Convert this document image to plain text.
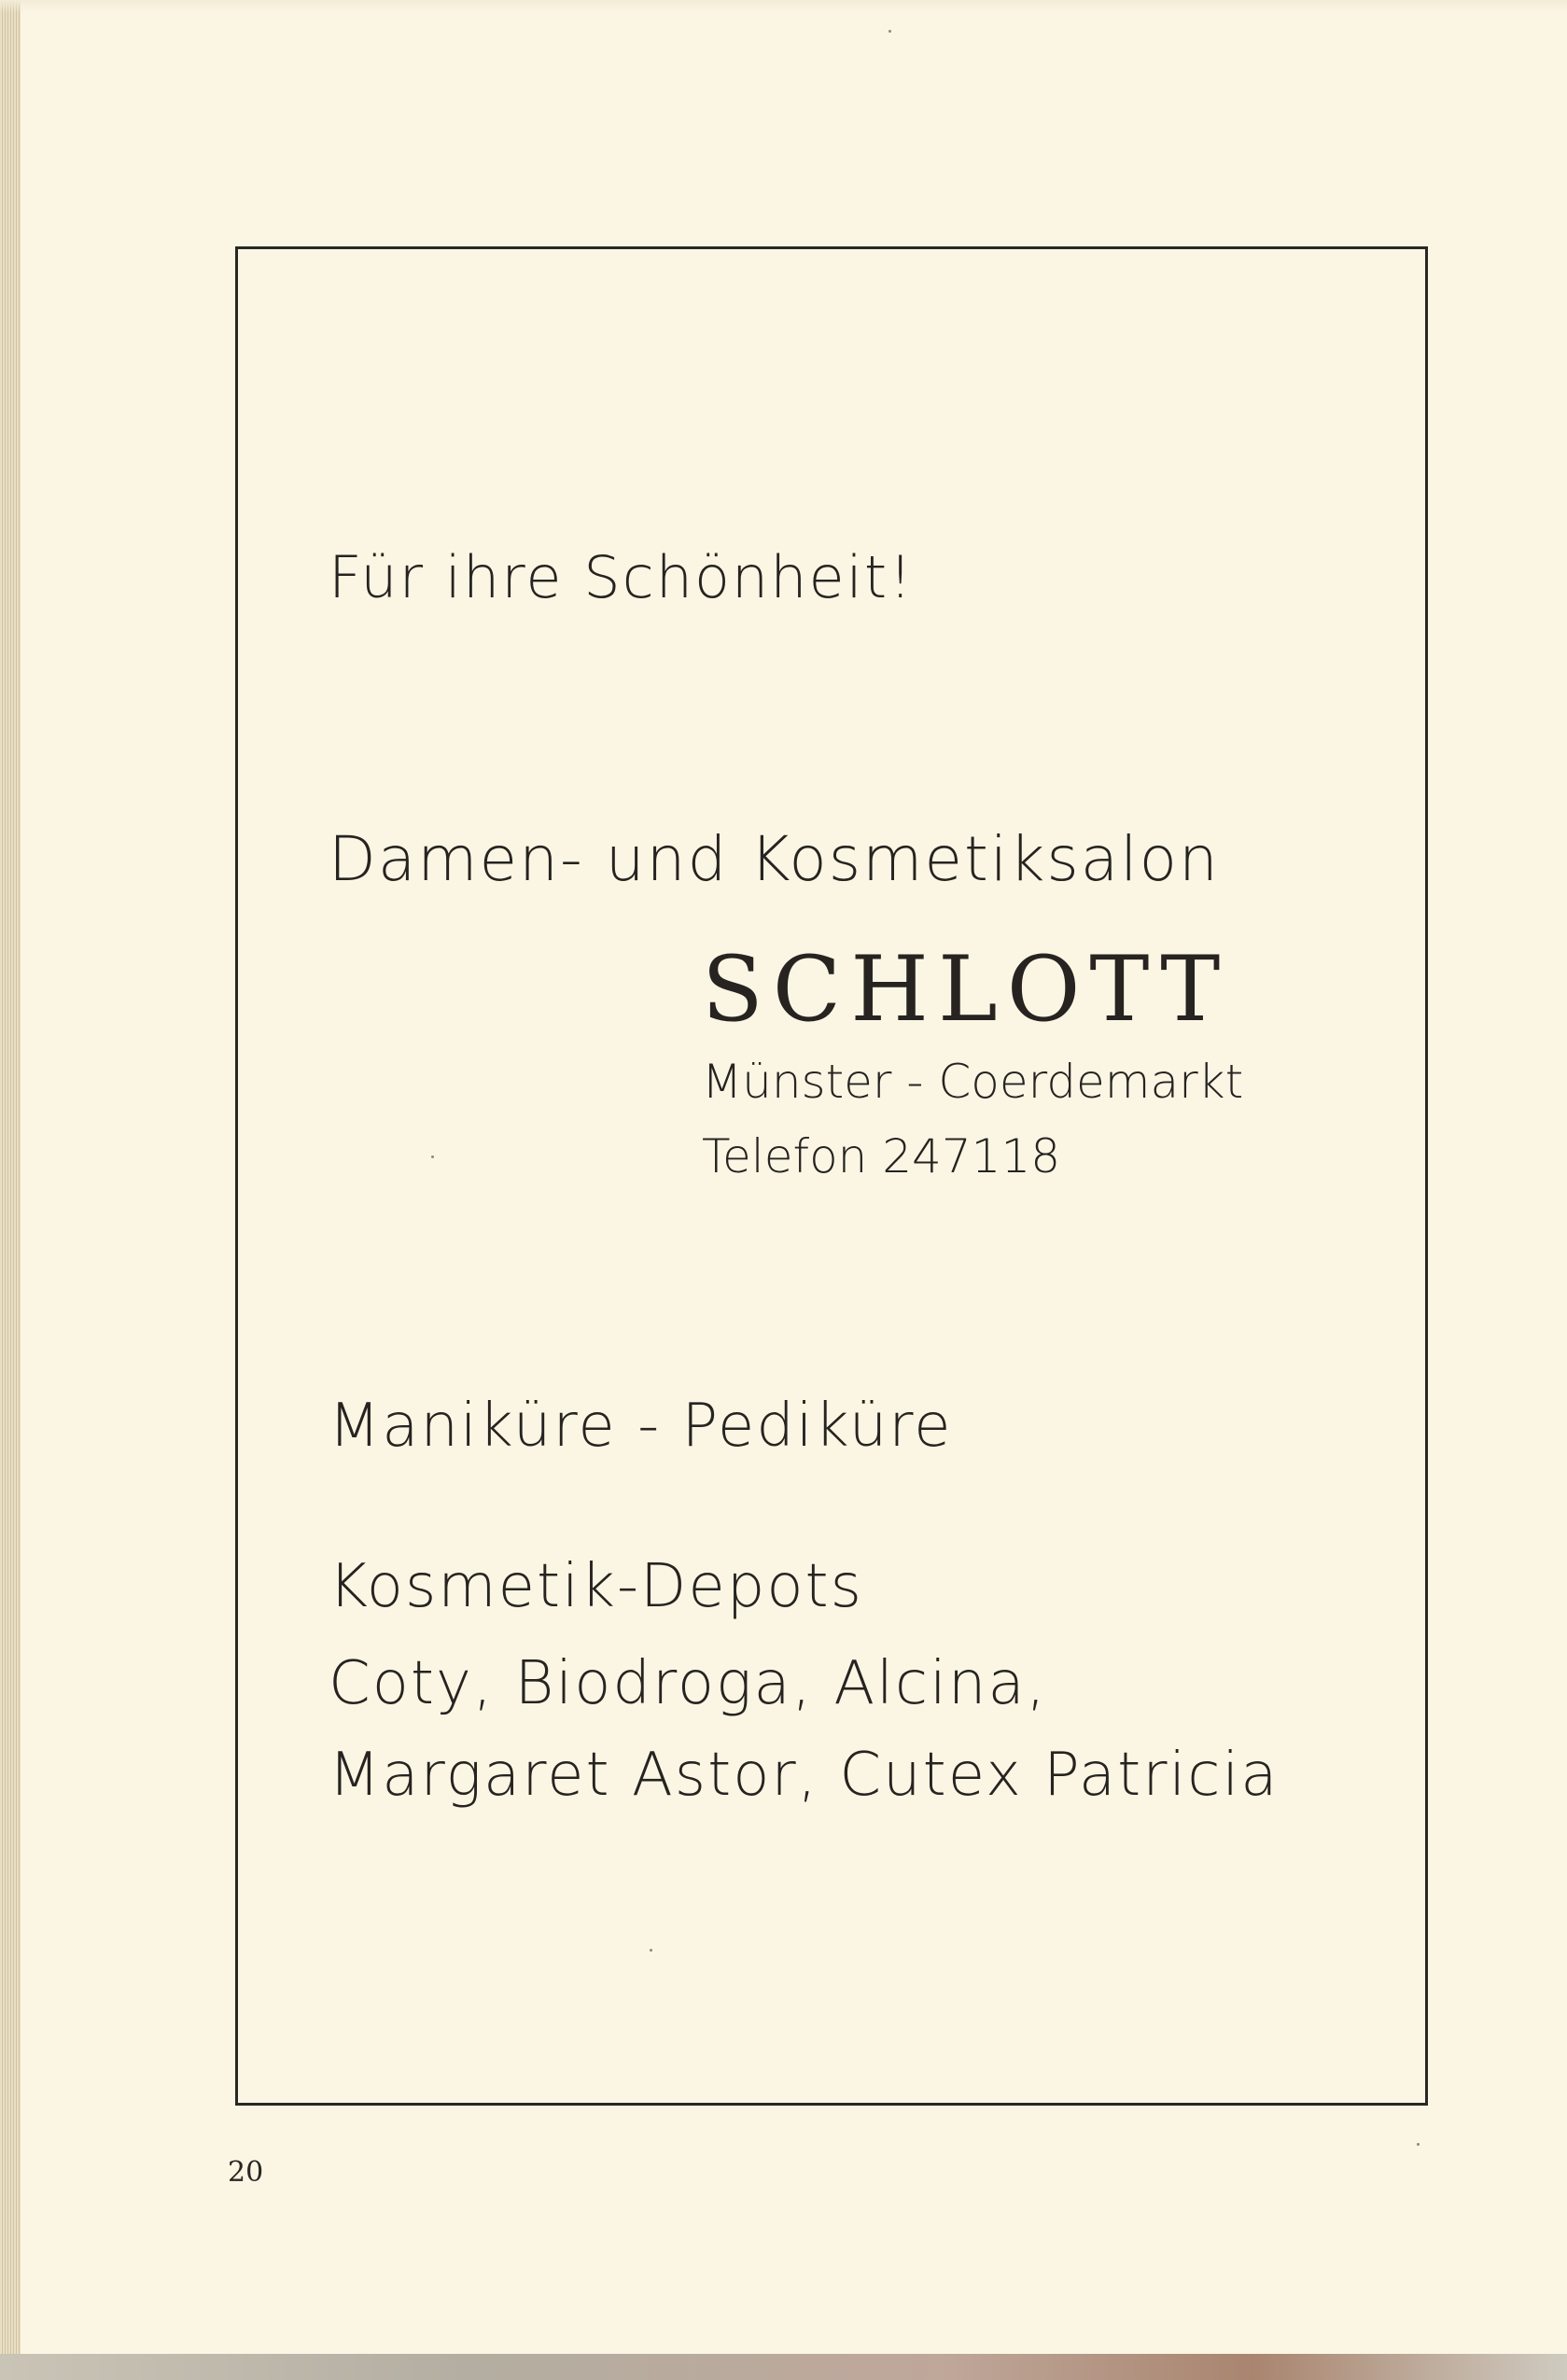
Für ihre Schönheit!
Damen- und Kosmetiksalon
SCHLOTT
Münster - Coerdemarkt
Telefon 247118
Maniküre - Pediküre
Kosmetik-Depots
Coty, Biodroga, Alcina,
Margaret Astor, Cutex Patricia
20
